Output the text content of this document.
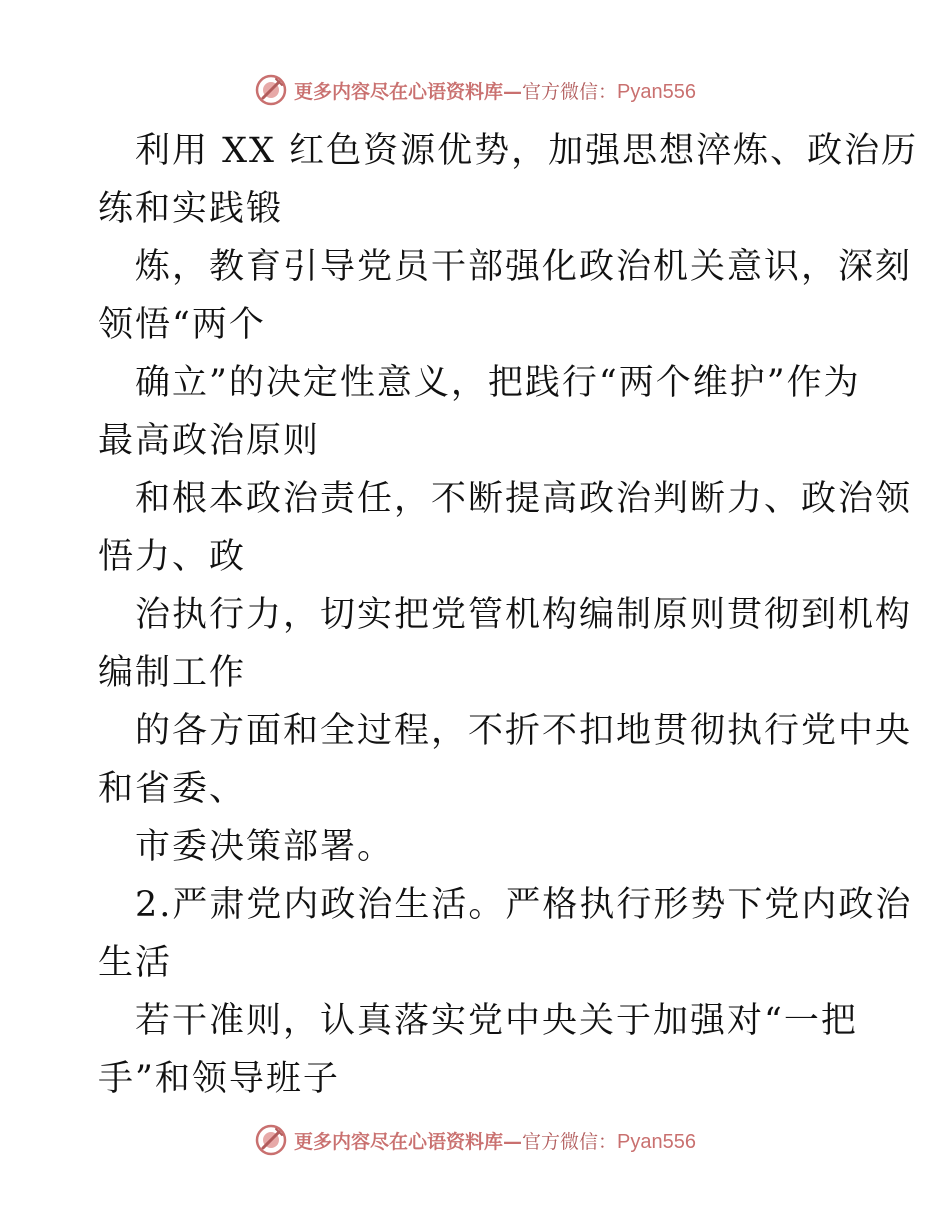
更多内容尽在心语资料库—官方微信：Pyan556
利用 XX 红色资源优势，加强思想淬炼、政治历
练和实践锻
炼，教育引导党员干部强化政治机关意识，深刻
领悟“两个
确立”的决定性意义，把践行“两个维护”作为
最高政治原则
和根本政治责任，不断提高政治判断力、政治领
悟力、政
治执行力，切实把党管机构编制原则贯彻到机构
编制工作
的各方面和全过程，不折不扣地贯彻执行党中央
和省委、
市委决策部署。
2.严肃党内政治生活。严格执行形势下党内政治
生活
若干准则，认真落实党中央关于加强对“一把
手”和领导班子
更多内容尽在心语资料库—官方微信：Pyan556
